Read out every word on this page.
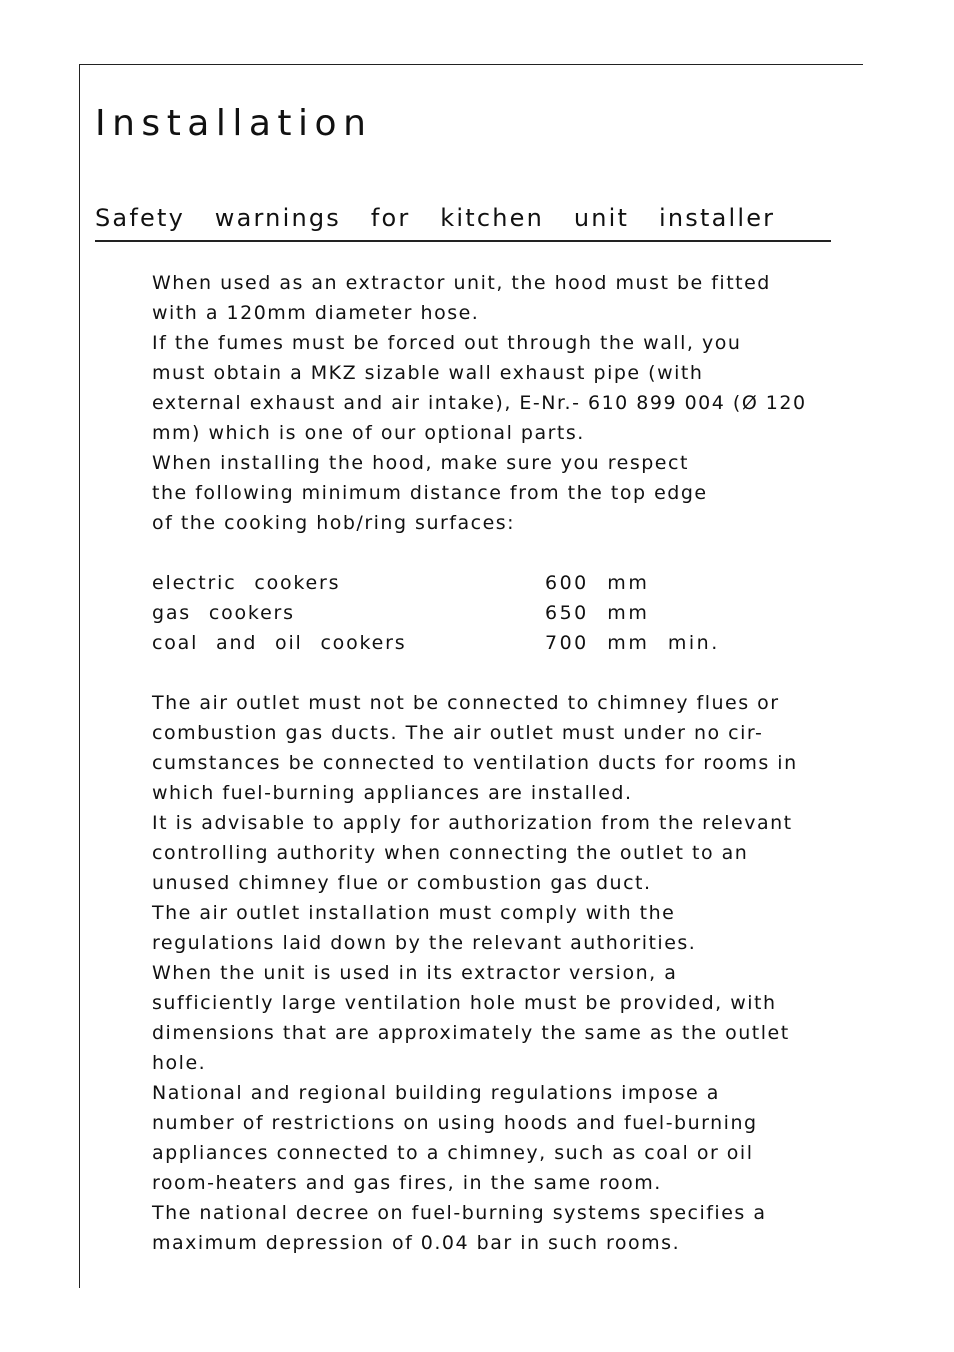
Installation
Safety warnings for kitchen unit installer

When used as an extractor unit, the hood must be fitted

with a 120mm diameter hose.

If the fumes must be forced out through the wall, you

must obtain a MKZ sizable wall exhaust pipe (with

external exhaust and air intake), E-Nr.- 610 899 004 (Ø 120

mm) which is one of our optional parts.

When installing the hood, make sure you respect

the following minimum distance from the top edge

of the cooking hob/ring surfaces:

electric cookers	600 mm
gas cookers	650 mm
coal and oil cookers	700 mm min.

The air outlet must not be connected to chimney flues or

combustion gas ducts. The air outlet must under no cir-

cumstances be connected to ventilation ducts for rooms in

which fuel-burning appliances are installed.

It is advisable to apply for authorization from the relevant

controlling authority when connecting the outlet to an

unused chimney flue or combustion gas duct.

The air outlet installation must comply with the

regulations laid down by the relevant authorities.

When the unit is used in its extractor version, a

sufficiently large ventilation hole must be provided, with

dimensions that are approximately the same as the outlet

hole.

National and regional building regulations impose a

number of restrictions on using hoods and fuel-burning

appliances connected to a chimney, such as coal or oil

room-heaters and gas fires, in the same room.

The national decree on fuel-burning systems specifies a

maximum depression of 0.04 bar in such rooms.
